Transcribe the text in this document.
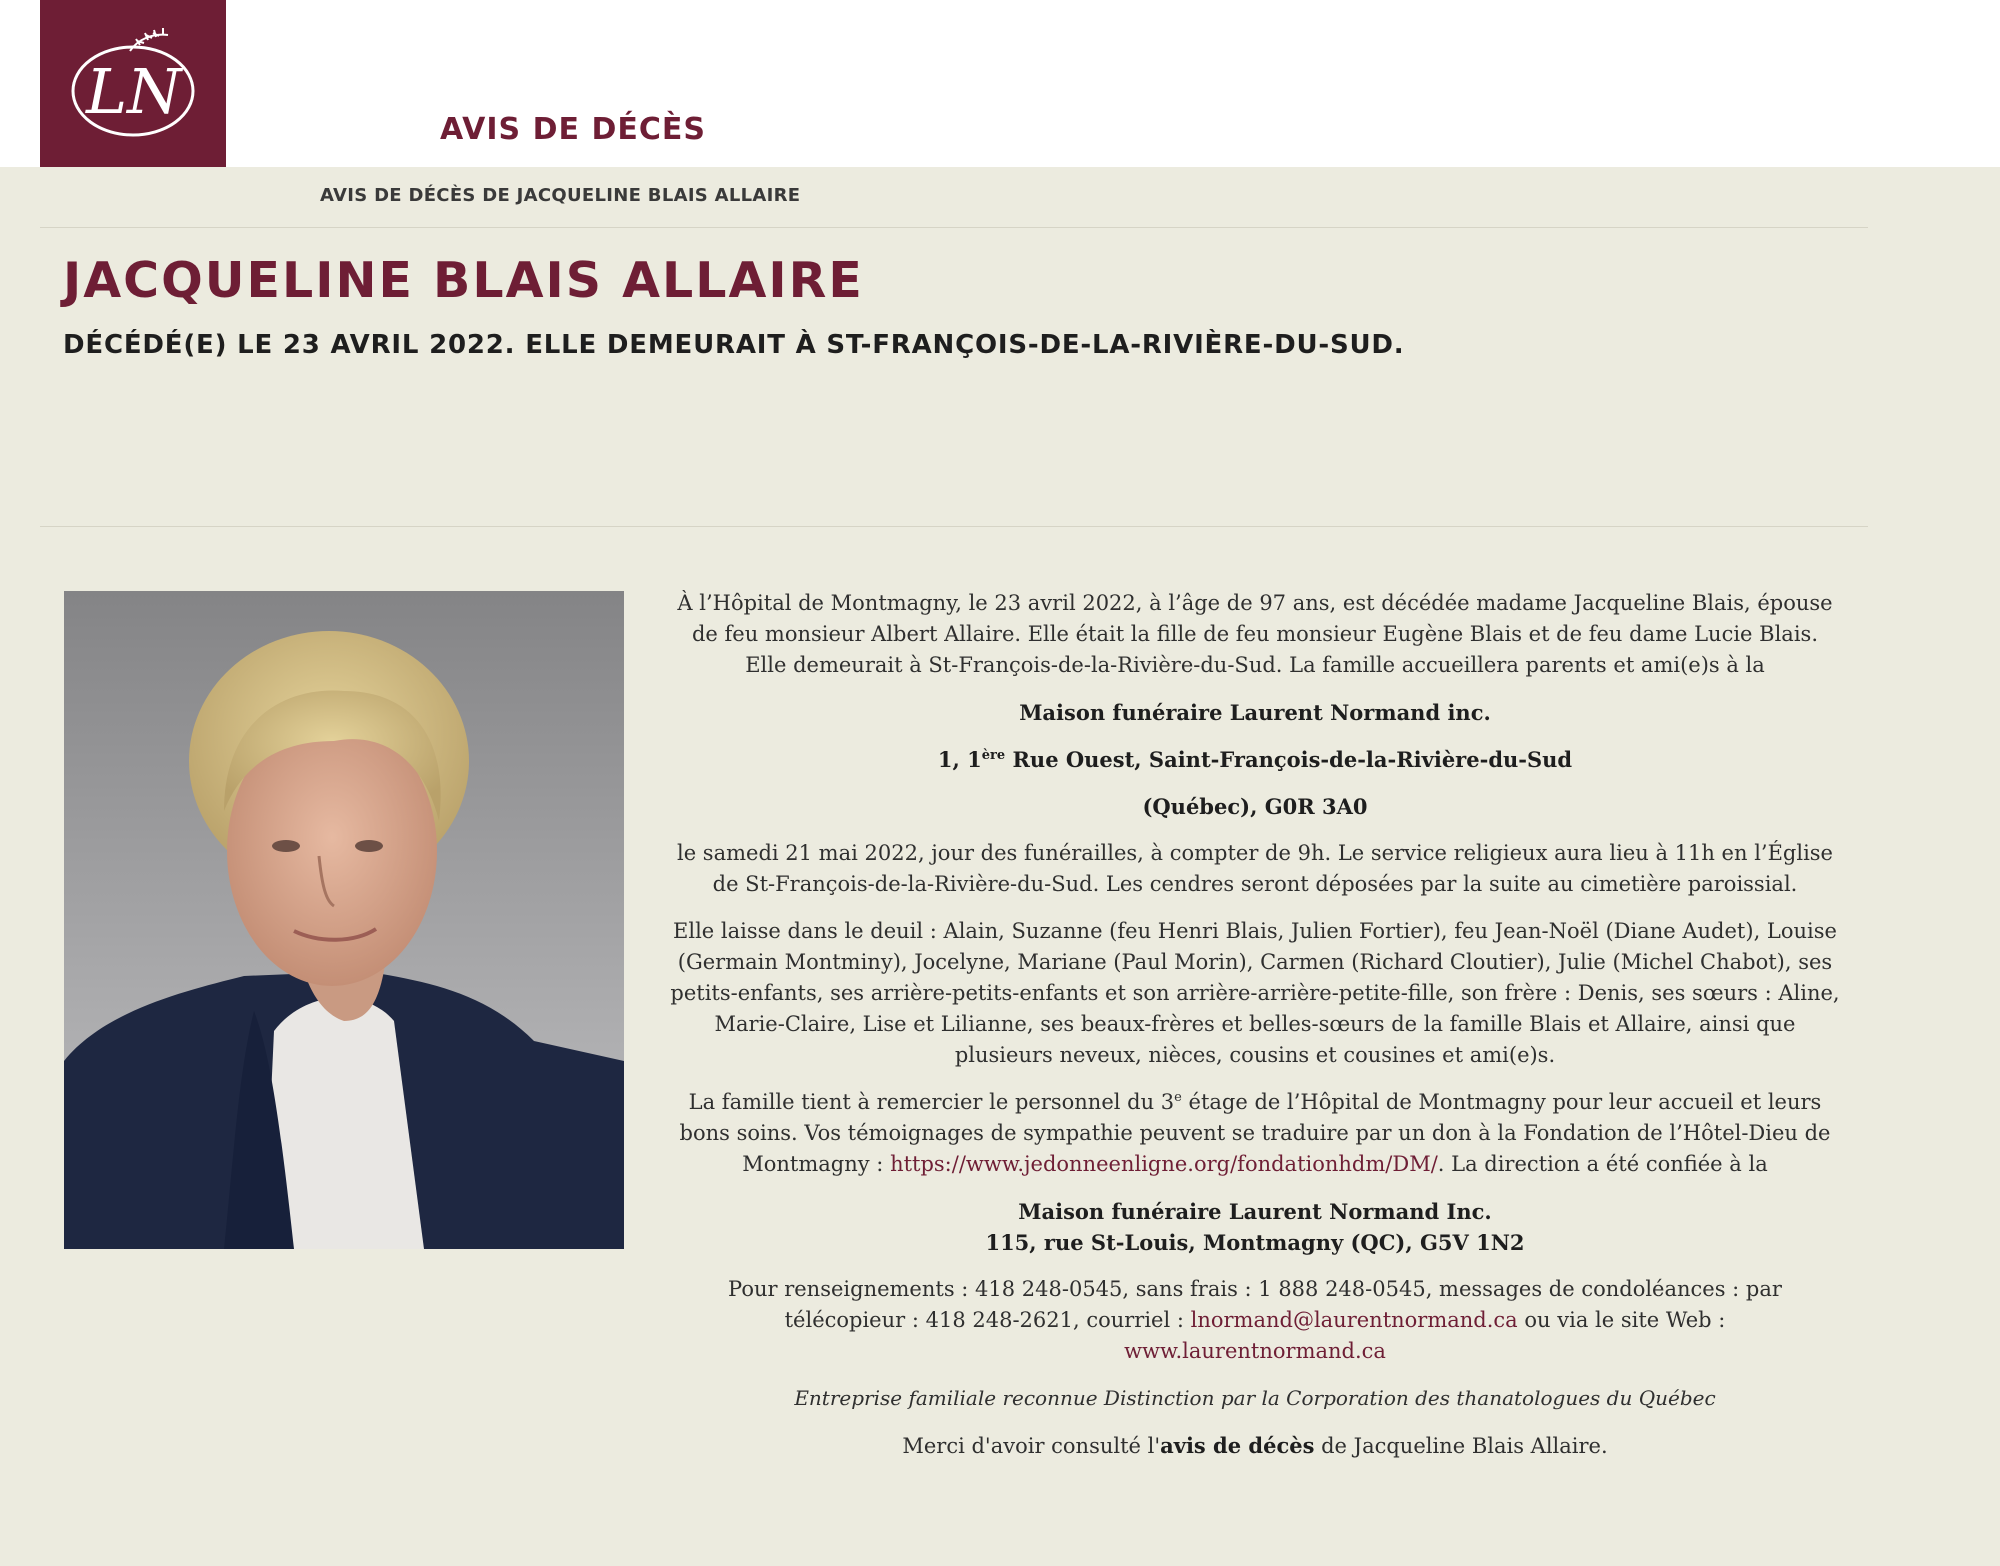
LN
AVIS DE DÉCÈS
AVIS DE DÉCÈS DE JACQUELINE BLAIS ALLAIRE
JACQUELINE BLAIS ALLAIRE
DÉCÉDÉ(E) LE 23 AVRIL 2022. ELLE DEMEURAIT À ST-FRANÇOIS-DE-LA-RIVIÈRE-DU-SUD.

À l’Hôpital de Montmagny, le 23 avril 2022, à l’âge de 97 ans, est décédée madame Jacqueline Blais, épouse de feu monsieur Albert Allaire. Elle était la fille de feu monsieur Eugène Blais et de feu dame Lucie Blais. Elle demeurait à St-François-de-la-Rivière-du-Sud. La famille accueillera parents et ami(e)s à la

Maison funéraire Laurent Normand inc.

1, 1ère Rue Ouest, Saint-François-de-la-Rivière-du-Sud

(Québec), G0R 3A0

le samedi 21 mai 2022, jour des funérailles, à compter de 9h. Le service religieux aura lieu à 11h en l’Église de St-François-de-la-Rivière-du-Sud. Les cendres seront déposées par la suite au cimetière paroissial.

Elle laisse dans le deuil : Alain, Suzanne (feu Henri Blais, Julien Fortier), feu Jean-Noël (Diane Audet), Louise (Germain Montminy), Jocelyne, Mariane (Paul Morin), Carmen (Richard Cloutier), Julie (Michel Chabot), ses petits-enfants, ses arrière-petits-enfants et son arrière-arrière-petite-fille, son frère : Denis, ses sœurs : Aline, Marie-Claire, Lise et Lilianne, ses beaux-frères et belles-sœurs de la famille Blais et Allaire, ainsi que plusieurs neveux, nièces, cousins et cousines et ami(e)s.

La famille tient à remercier le personnel du 3e étage de l’Hôpital de Montmagny pour leur accueil et leurs bons soins. Vos témoignages de sympathie peuvent se traduire par un don à la Fondation de l’Hôtel-Dieu de Montmagny : https://www.jedonneenligne.org/fondationhdm/DM/. La direction a été confiée à la

Maison funéraire Laurent Normand Inc.
115, rue St-Louis, Montmagny (QC), G5V 1N2

Pour renseignements : 418 248-0545, sans frais : 1 888 248-0545, messages de condoléances : par télécopieur : 418 248-2621, courriel : lnormand@laurentnormand.ca ou via le site Web :
www.laurentnormand.ca

Entreprise familiale reconnue Distinction par la Corporation des thanatologues du Québec

Merci d'avoir consulté l'avis de décès de Jacqueline Blais Allaire.
